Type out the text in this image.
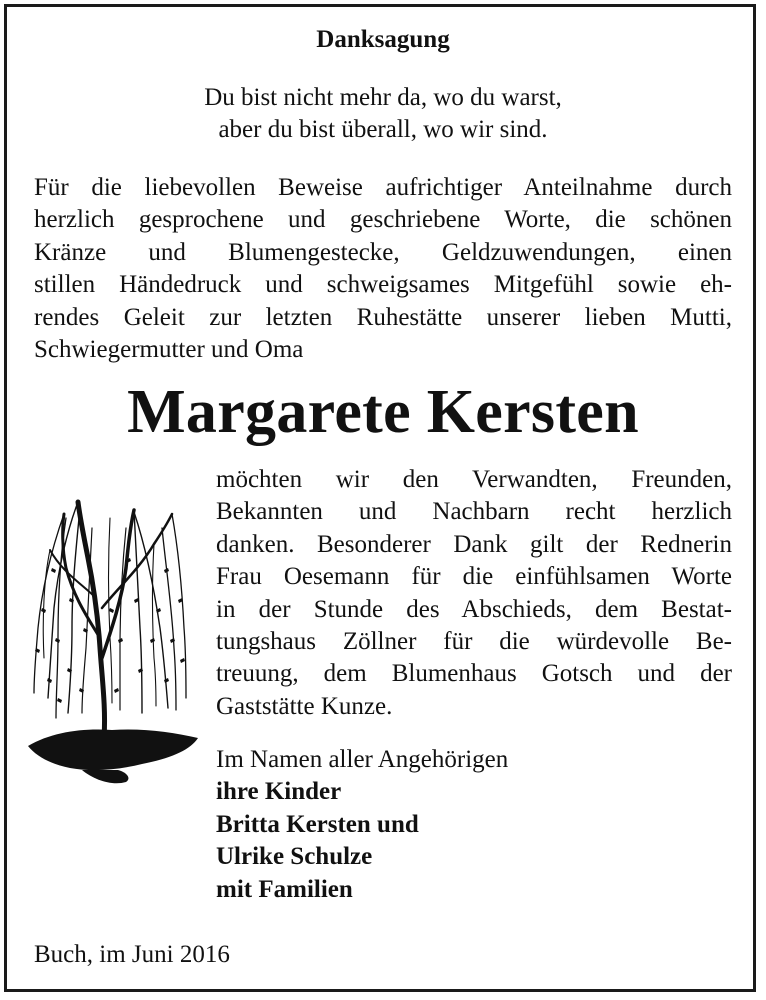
Danksagung
Du bist nicht mehr da, wo du warst,
aber du bist überall, wo wir sind.
Für die liebevollen Beweise aufrichtiger Anteilnahme durch
herzlich gesprochene und geschriebene Worte, die schönen
Kränze und Blumengestecke, Geldzuwendungen, einen
stillen Händedruck und schweigsames Mitgefühl sowie eh-
rendes Geleit zur letzten Ruhestätte unserer lieben Mutti,
Schwiegermutter und Oma
Margarete Kersten
möchten wir den Verwandten, Freunden,
Bekannten und Nachbarn recht herzlich
danken. Besonderer Dank gilt der Rednerin
Frau Oesemann für die einfühlsamen Worte
in der Stunde des Abschieds, dem Bestat-
tungshaus Zöllner für die würdevolle Be-
treuung, dem Blumenhaus Gotsch und der
Gaststätte Kunze.
Im Namen aller Angehörigen
ihre Kinder
Britta Kersten und
Ulrike Schulze
mit Familien
Buch, im Juni 2016
